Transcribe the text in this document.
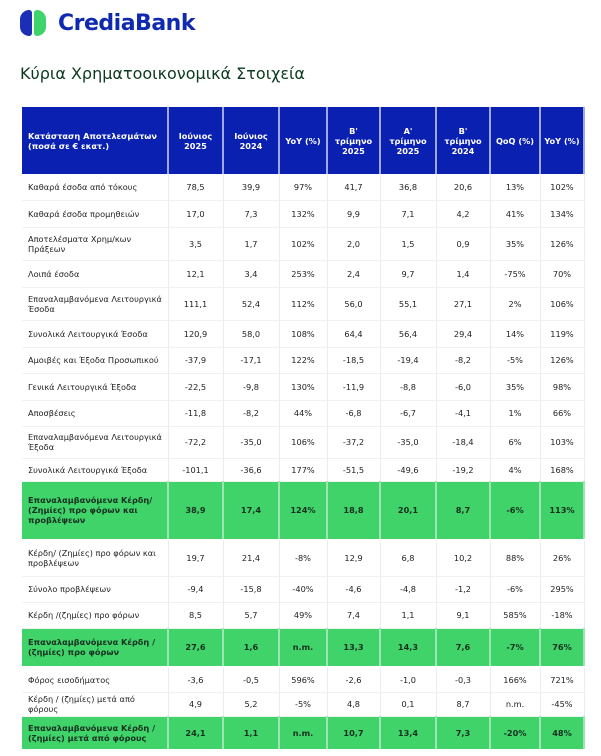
CrediaBank
Κύρια Χρηματοοικονομικά Στοιχεία
Κατάσταση Αποτελεσμάτων (ποσά σε € εκατ.)	Ιούνιος 2025	Ιούνιος 2024	YoY (%)	B' τρίμηνο 2025	A' τρίμηνο 2025	B' τρίμηνο 2024	QoQ (%)	YoY (%)
Καθαρά έσοδα από τόκους	78,5	39,9	97%	41,7	36,8	20,6	13%	102%
Καθαρά έσοδα προμηθειών	17,0	7,3	132%	9,9	7,1	4,2	41%	134%
Αποτελέσματα Χρημ/κων Πράξεων	3,5	1,7	102%	2,0	1,5	0,9	35%	126%
Λοιπά έσοδα	12,1	3,4	253%	2,4	9,7	1,4	-75%	70%
Επαναλαμβανόμενα Λειτουργικά Έσοδα	111,1	52,4	112%	56,0	55,1	27,1	2%	106%
Συνολικά Λειτουργικά Έσοδα	120,9	58,0	108%	64,4	56,4	29,4	14%	119%
Αμοιβές και Έξοδα Προσωπικού	-37,9	-17,1	122%	-18,5	-19,4	-8,2	-5%	126%
Γενικά Λειτουργικά Έξοδα	-22,5	-9,8	130%	-11,9	-8,8	-6,0	35%	98%
Αποσβέσεις	-11,8	-8,2	44%	-6,8	-6,7	-4,1	1%	66%
Επαναλαμβανόμενα Λειτουργικά Έξοδα	-72,2	-35,0	106%	-37,2	-35,0	-18,4	6%	103%
Συνολικά Λειτουργικά Έξοδα	-101,1	-36,6	177%	-51,5	-49,6	-19,2	4%	168%
Επαναλαμβανόμενα Κέρδη/ (Ζημίες) προ φόρων και προβλέψεων	38,9	17,4	124%	18,8	20,1	8,7	-6%	113%
Κέρδη/ (Ζημίες) προ φόρων και προβλέψεων	19,7	21,4	-8%	12,9	6,8	10,2	88%	26%
Σύνολο προβλέψεων	-9,4	-15,8	-40%	-4,6	-4,8	-1,2	-6%	295%
Κέρδη /(ζημίες) προ φόρων	8,5	5,7	49%	7,4	1,1	9,1	585%	-18%
Επαναλαμβανόμενα Κέρδη / (ζημίες) προ φόρων	27,6	1,6	n.m.	13,3	14,3	7,6	-7%	76%
Φόρος εισοδήματος	-3,6	-0,5	596%	-2,6	-1,0	-0,3	166%	721%
Κέρδη / (ζημίες) μετά από φόρους	4,9	5,2	-5%	4,8	0,1	8,7	n.m.	-45%
Επαναλαμβανόμενα Κέρδη / (ζημίες) μετά από φόρους	24,1	1,1	n.m.	10,7	13,4	7,3	-20%	48%
